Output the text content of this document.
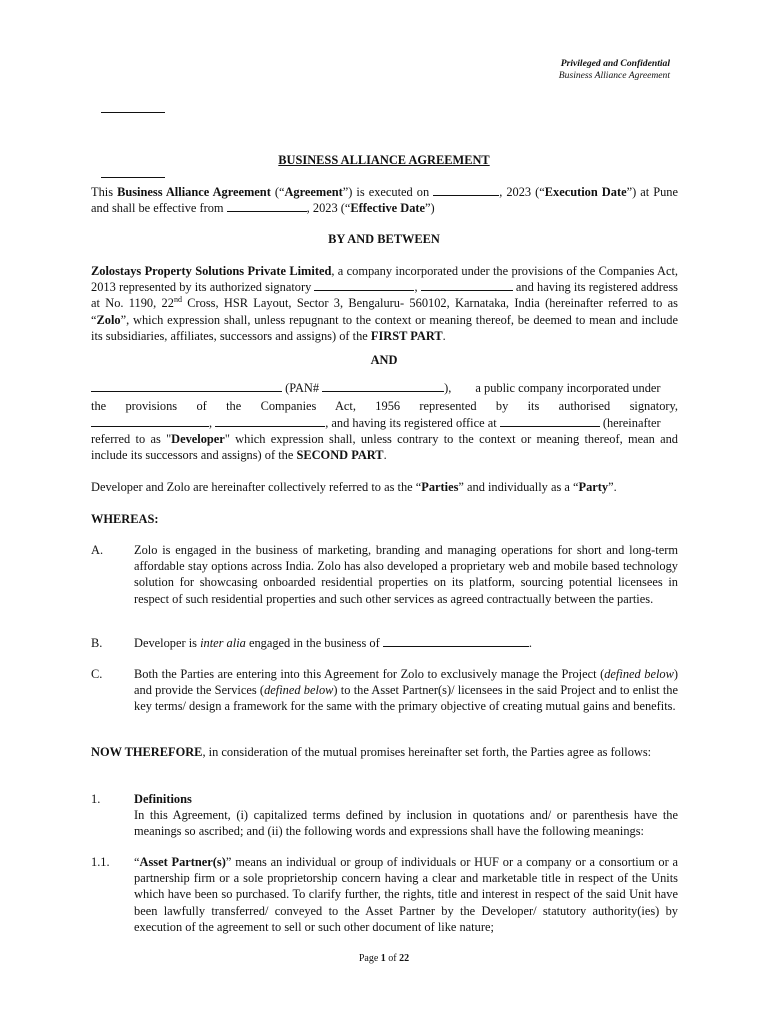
Privileged and Confidential
Business Alliance Agreement
BUSINESS ALLIANCE AGREEMENT
This Business Alliance Agreement (“Agreement”) is executed on	, 2023 (“Execution Date”) at Pune and shall be effective from	, 2023 (“Effective Date”)
BY AND BETWEEN
Zolostays Property Solutions Private Limited, a company incorporated under the provisions of the Companies Act, 2013 represented by its authorized signatory	,	and having its registered address at No. 1190, 22nd Cross, HSR Layout, Sector 3, Bengaluru- 560102, Karnataka, India (hereinafter referred to as “Zolo”, which expression shall, unless repugnant to the context or meaning thereof, be deemed to mean and include its subsidiaries, affiliates, successors and assigns) of the FIRST PART.
AND
(PAN#	), a public company incorporated under
the provisions of the Companies Act, 1956 represented by its authorised signatory,
,	, and having its registered office at	(hereinafter
referred to as "Developer" which expression shall, unless contrary to the context or meaning thereof, mean and include its successors and assigns) of the SECOND PART.
Developer and Zolo are hereinafter collectively referred to as the “Parties” and individually as a “Party”.
WHEREAS:
A.	Zolo is engaged in the business of marketing, branding and managing operations for short and long-term affordable stay options across India. Zolo has also developed a proprietary web and mobile based technology solution for showcasing onboarded residential properties on its platform, sourcing potential licensees in respect of such residential properties and such other services as agreed contractually between the parties.
B.	Developer is inter alia engaged in the business of	.
C.	Both the Parties are entering into this Agreement for Zolo to exclusively manage the Project (defined below) and provide the Services (defined below) to the Asset Partner(s)/ licensees in the said Project and to enlist the key terms/ design a framework for the same with the primary objective of creating mutual gains and benefits.
NOW THEREFORE, in consideration of the mutual promises hereinafter set forth, the Parties agree as follows:
1.	Definitions
In this Agreement, (i) capitalized terms defined by inclusion in quotations and/ or parenthesis have the meanings so ascribed; and (ii) the following words and expressions shall have the following meanings:
1.1. “Asset Partner(s)” means an individual or group of individuals or HUF or a company or a consortium or a partnership firm or a sole proprietorship concern having a clear and marketable title in respect of the Units which have been so purchased. To clarify further, the rights, title and interest in respect of the said Unit have been lawfully transferred/ conveyed to the Asset Partner by the Developer/ statutory authority(ies) by execution of the agreement to sell or such other document of like nature;
Page 1 of 22
